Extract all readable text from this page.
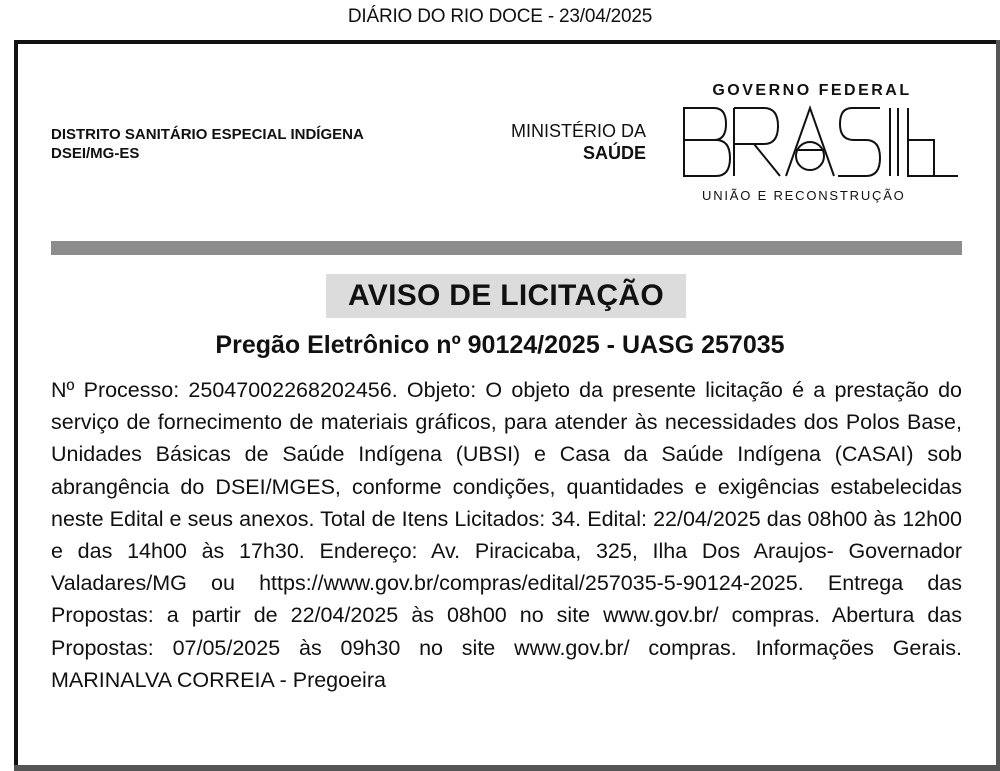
DIÁRIO DO RIO DOCE - 23/04/2025
DISTRITO SANITÁRIO ESPECIAL INDÍGENA
DSEI/MG-ES
MINISTÉRIO DA
SAÚDE
GOVERNO FEDERAL
UNIÃO E RECONSTRUÇÃO
AVISO DE LICITAÇÃO
Pregão Eletrônico nº 90124/2025 - UASG 257035
Nº Processo: 25047002268202456. Objeto: O objeto da presente licitação é a prestação do serviço de fornecimento de materiais gráficos, para atender às necessidades dos Polos Base, Unidades Básicas de Saúde Indígena (UBSI) e Casa da Saúde Indígena (CASAI) sob abrangência do DSEI/MGES, conforme condições, quantidades e exigências estabelecidas neste Edital e seus anexos. Total de Itens Licitados: 34. Edital: 22/04/2025 das 08h00 às 12h00 e das 14h00 às 17h30. Endereço: Av. Piracicaba, 325, Ilha Dos Araujos- Governador Valadares/MG ou https://www.gov.br/compras/edital/257035-5-90124-2025. Entrega das Propostas: a partir de 22/04/2025 às 08h00 no site www.gov.br/ compras. Abertura das Propostas: 07/05/2025 às 09h30 no site www.gov.br/ compras. Informações Gerais. MARINALVA CORREIA - Pregoeira
